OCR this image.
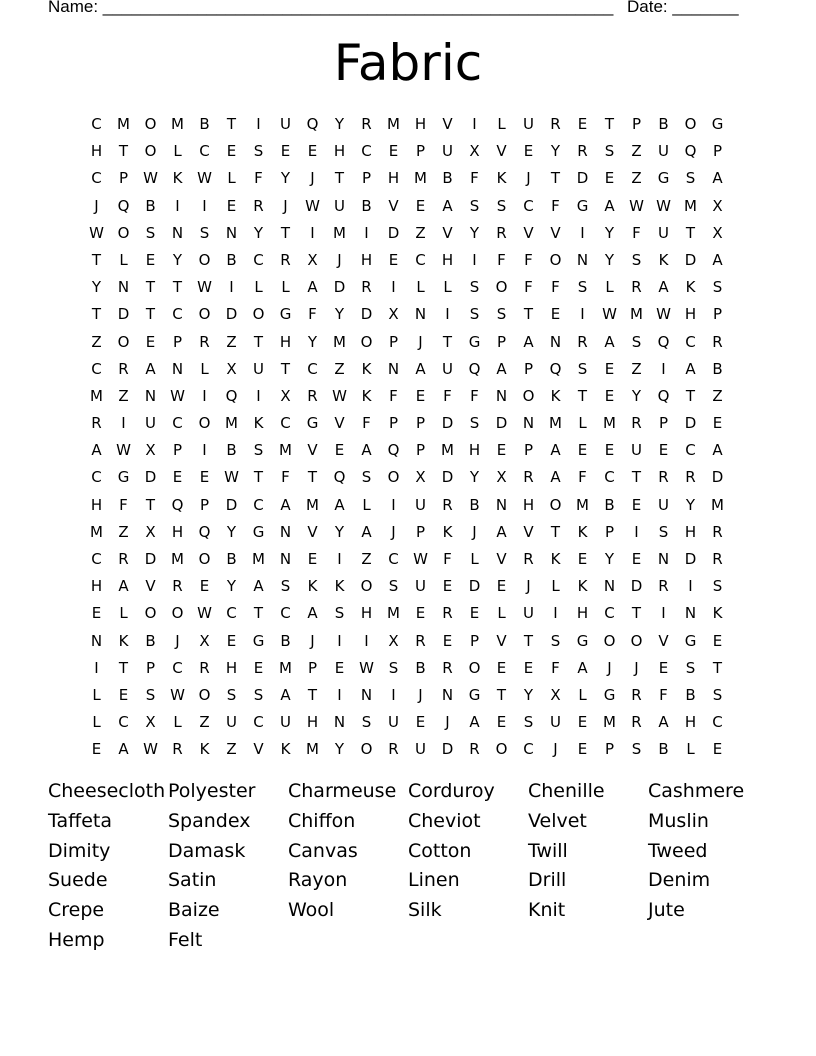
Name: ______________________________________________________ Date: _______
Fabric
C	M O M	B	T	I	U	Q	Y	R	M H	V	I	L	U	R	E	T	P	B	O	G
H	T	O	L	C	E	S	E	E	H	C	E	P	U	X	V	E	Y	R	S	Z	U	Q	P
C	P	W K W	L	F	Y	J	T	P	H M	B	F	K	J	T	D	E	Z	G	S	A
J	Q	B	I	I	E	R	J	W U	B	V	E	A	S	S	C	F	G	A W W M	X
W O	S	N	S	N	Y	T	I	M	I	D	Z	V	Y	R	V	V	I	Y	F	U	T	X
T	L	E	Y	O	B	C	R	X	J	H	E	C	H	I	F	F	O	N	Y	S	K	D	A
Y	N	T	T	W	I	L	L	A	D	R	I	L	L	S	O	F	F	S	L	R	A	K	S
T	D	T	C	O	D	O	G	F	Y	D	X	N	I	S	S	T	E	I	W M W H	P
Z	O	E	P	R	Z	T	H	Y	M O	P	J	T	G	P	A	N	R	A	S	Q	C	R
C	R	A	N	L	X	U	T	C	Z	K	N	A	U	Q	A	P	Q	S	E	Z	I	A	B
M	Z	N W	I	Q	I	X	R W K	F	E	F	F	N	O	K	T	E	Y	Q	T	Z
R	I	U	C	O M	K	C	G	V	F	P	P	D	S	D	N M	L	M	R	P	D	E
A W X	P	I	B	S	M	V	E	A	Q	P	M H	E	P	A	E	E	U	E	C	A
C	G	D	E	E W T	F	T	Q	S	O	X	D	Y	X	R	A	F	C	T	R	R	D
H	F	T	Q	P	D	C	A	M	A	L	I	U	R	B	N	H	O M	B	E	U	Y	M
M	Z	X	H	Q	Y	G	N	V	Y	A	J	P	K	J	A	V	T	K	P	I	S	H	R
C	R	D M O	B	M N	E	I	Z	C W	F	L	V	R	K	E	Y	E	N	D	R
H	A	V	R	E	Y	A	S	K	K	O	S	U	E	D	E	J	L	K	N	D	R	I	S
E	L	O	O W C	T	C	A	S	H M	E	R	E	L	U	I	H	C	T	I	N	K
N	K	B	J	X	E	G	B	J	I	I	X	R	E	P	V	T	S	G	O	O	V	G	E
I	T	P	C	R	H	E	M	P	E W S	B	R	O	E	E	F	A	J	J	E	S	T
L	E	S W O	S	S	A	T	I	N	I	J	N	G	T	Y	X	L	G	R	F	B	S
L	C	X	L	Z	U	C	U	H	N	S	U	E	J	A	E	S	U	E	M	R	A	H	C
E	A W R	K	Z	V	K	M	Y	O	R	U	D	R	O	C	J	E	P	S	B	L	E
Cheesecloth Polyester	Charmeuse Corduroy	Chenille	Cashmere
Taffeta	Spandex	Chiffon	Cheviot	Velvet	Muslin
Dimity	Damask	Canvas	Cotton	Twill	Tweed
Suede	Satin	Rayon	Linen	Drill	Denim
Crepe	Baize	Wool	Silk	Knit	Jute
Hemp	Felt
